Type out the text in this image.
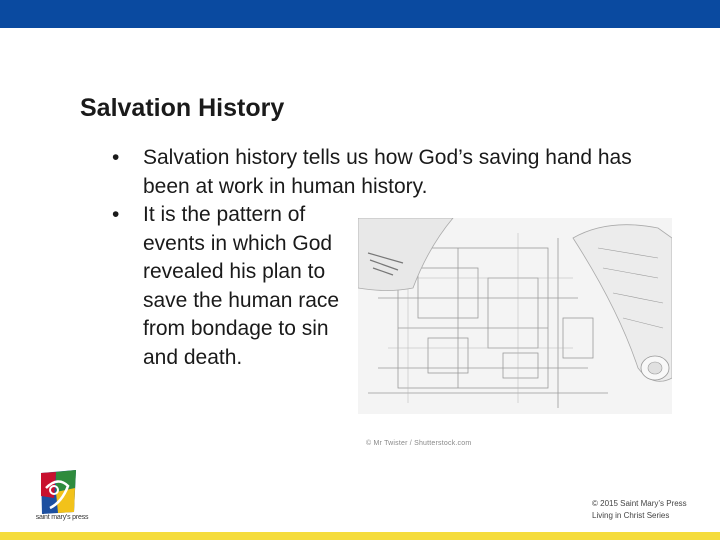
Salvation History
• Salvation history tells us how God’s saving hand has been at work in human history.
• It is the pattern of events in which God revealed his plan to save the human race from bondage to sin and death.
© Mr Twister / Shutterstock.com
saint mary's press
© 2015 Saint Mary’s Press
Living in Christ Series
